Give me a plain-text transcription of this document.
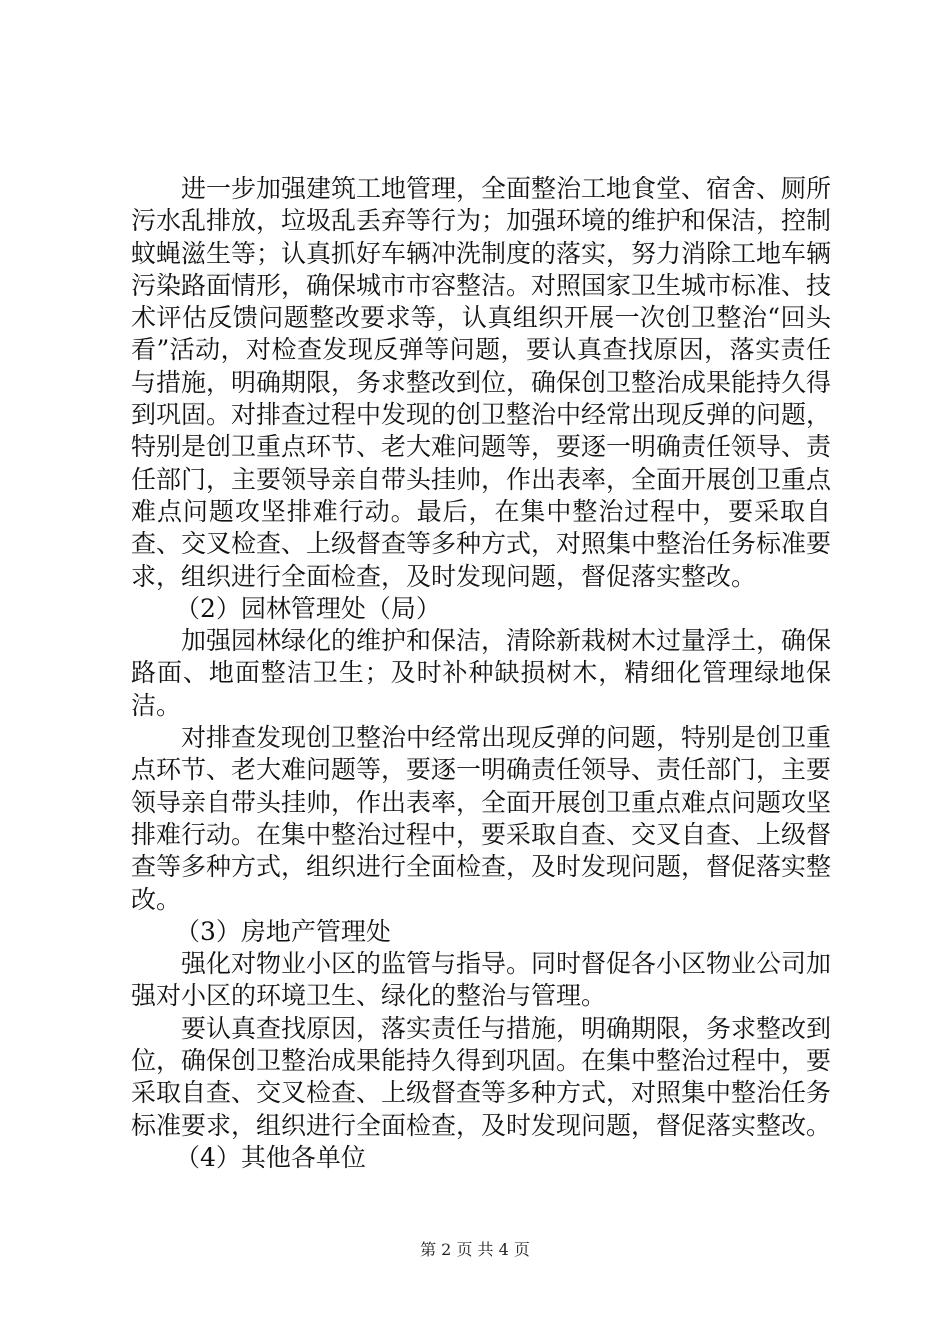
进一步加强建筑工地管理，全面整治工地食堂、宿舍、厕所污水乱排放，垃圾乱丢弃等行为；加强环境的维护和保洁，控制蚊蝇滋生等；认真抓好车辆冲洗制度的落实，努力消除工地车辆污染路面情形，确保城市市容整洁。对照国家卫生城市标准、技术评估反馈问题整改要求等，认真组织开展一次创卫整治“回头看”活动，对检查发现反弹等问题，要认真查找原因，落实责任与措施，明确期限，务求整改到位，确保创卫整治成果能持久得到巩固。对排查过程中发现的创卫整治中经常出现反弹的问题，特别是创卫重点环节、老大难问题等，要逐一明确责任领导、责任部门，主要领导亲自带头挂帅，作出表率，全面开展创卫重点难点问题攻坚排难行动。最后，在集中整治过程中，要采取自查、交叉检查、上级督查等多种方式，对照集中整治任务标准要求，组织进行全面检查，及时发现问题，督促落实整改。

（2）园林管理处（局）

加强园林绿化的维护和保洁，清除新栽树木过量浮土，确保路面、地面整洁卫生；及时补种缺损树木，精细化管理绿地保洁。

对排查发现创卫整治中经常出现反弹的问题，特别是创卫重点环节、老大难问题等，要逐一明确责任领导、责任部门，主要领导亲自带头挂帅，作出表率，全面开展创卫重点难点问题攻坚排难行动。在集中整治过程中，要采取自查、交叉自查、上级督查等多种方式，组织进行全面检查，及时发现问题，督促落实整改。

（3）房地产管理处

强化对物业小区的监管与指导。同时督促各小区物业公司加强对小区的环境卫生、绿化的整治与管理。

要认真查找原因，落实责任与措施，明确期限，务求整改到位，确保创卫整治成果能持久得到巩固。在集中整治过程中，要采取自查、交叉检查、上级督查等多种方式，对照集中整治任务标准要求，组织进行全面检查，及时发现问题，督促落实整改。

（4）其他各单位

第 2 页 共 4 页
